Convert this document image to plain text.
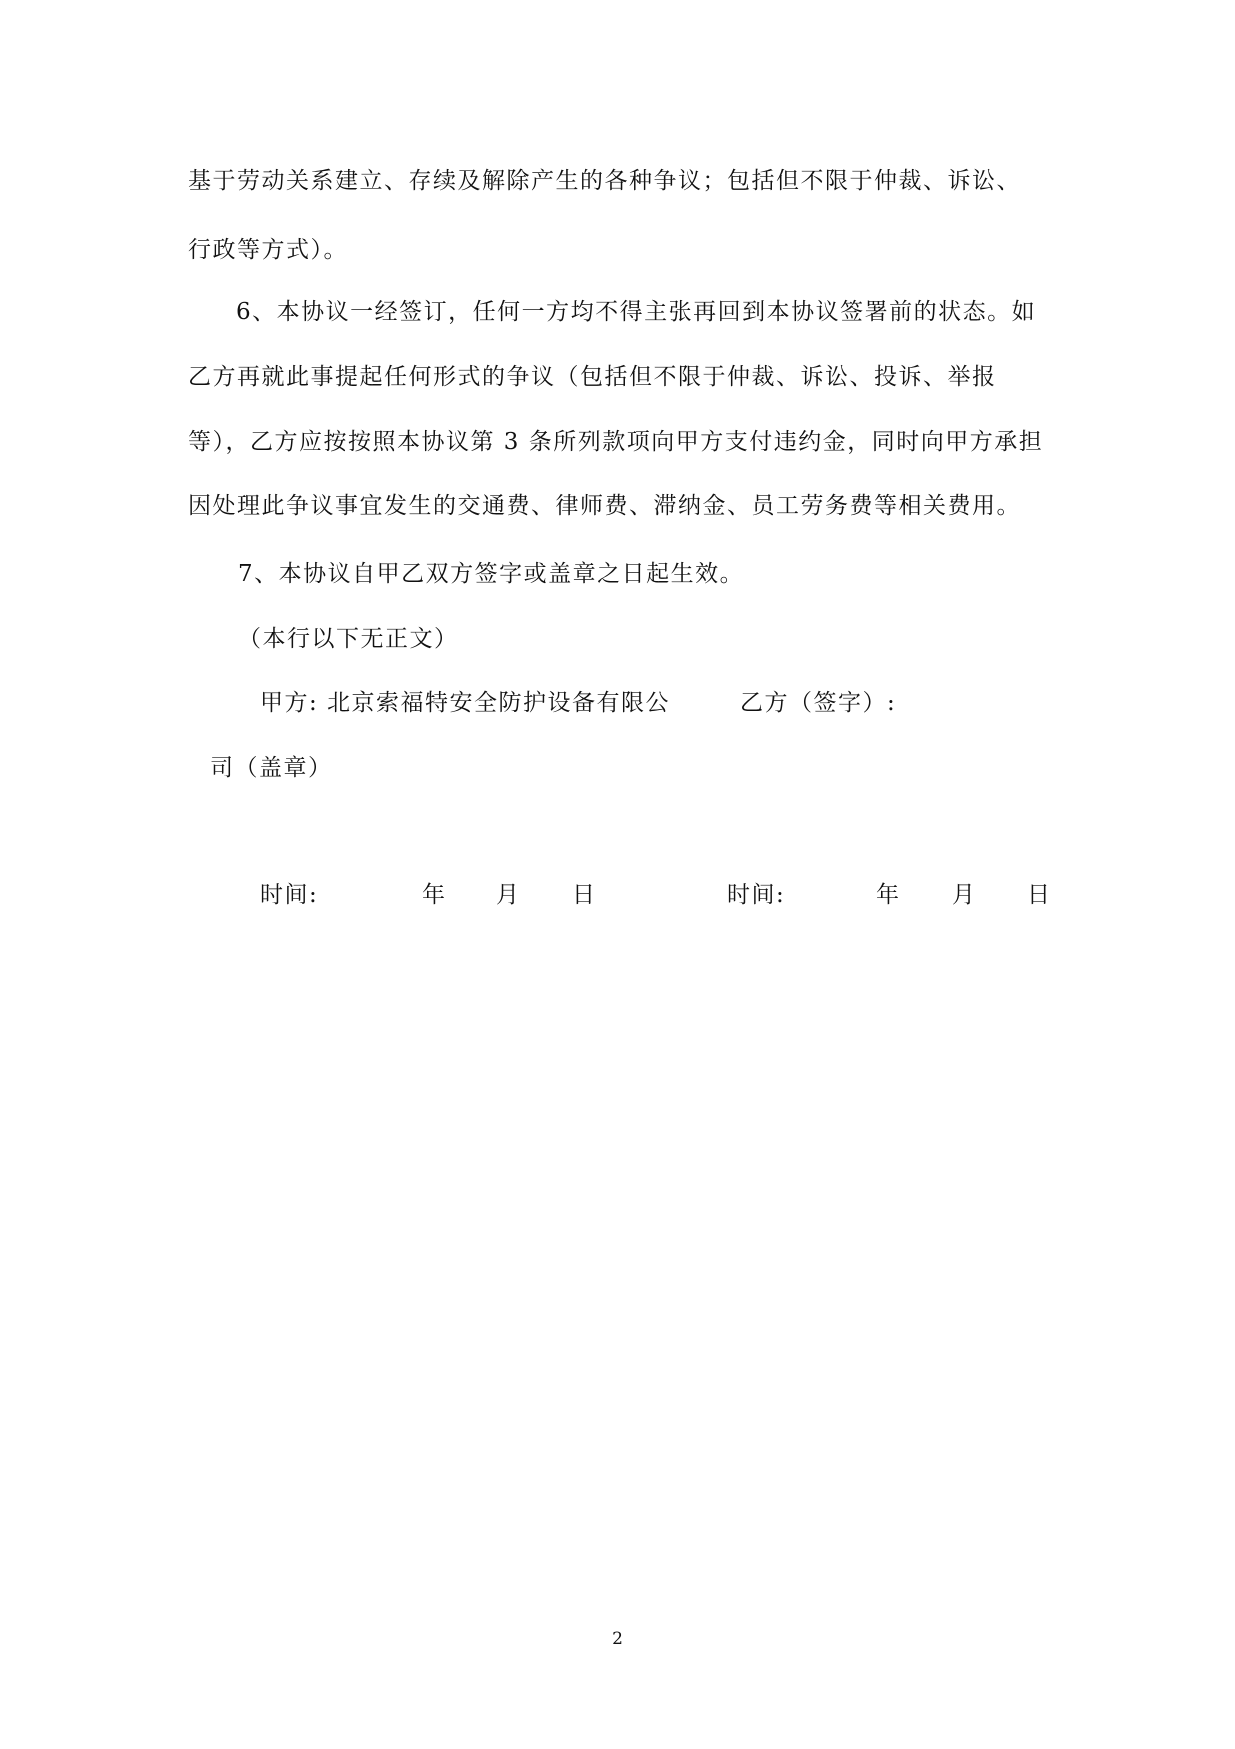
基于劳动关系建立、存续及解除产生的各种争议；包括但不限于仲裁、诉讼、
行政等方式）。
6、本协议一经签订，任何一方均不得主张再回到本协议签署前的状态。如
乙方再就此事提起任何形式的争议（包括但不限于仲裁、诉讼、投诉、举报
等），乙方应按按照本协议第 3 条所列款项向甲方支付违约金，同时向甲方承担
因处理此争议事宜发生的交通费、律师费、滞纳金、员工劳务费等相关费用。
7、本协议自甲乙双方签字或盖章之日起生效。
（本行以下无正文）
甲方: 北京索福特安全防护设备有限公	乙方（签字）:
司（盖章）
时间:	年 月 日	时间:	年 月 日
2
